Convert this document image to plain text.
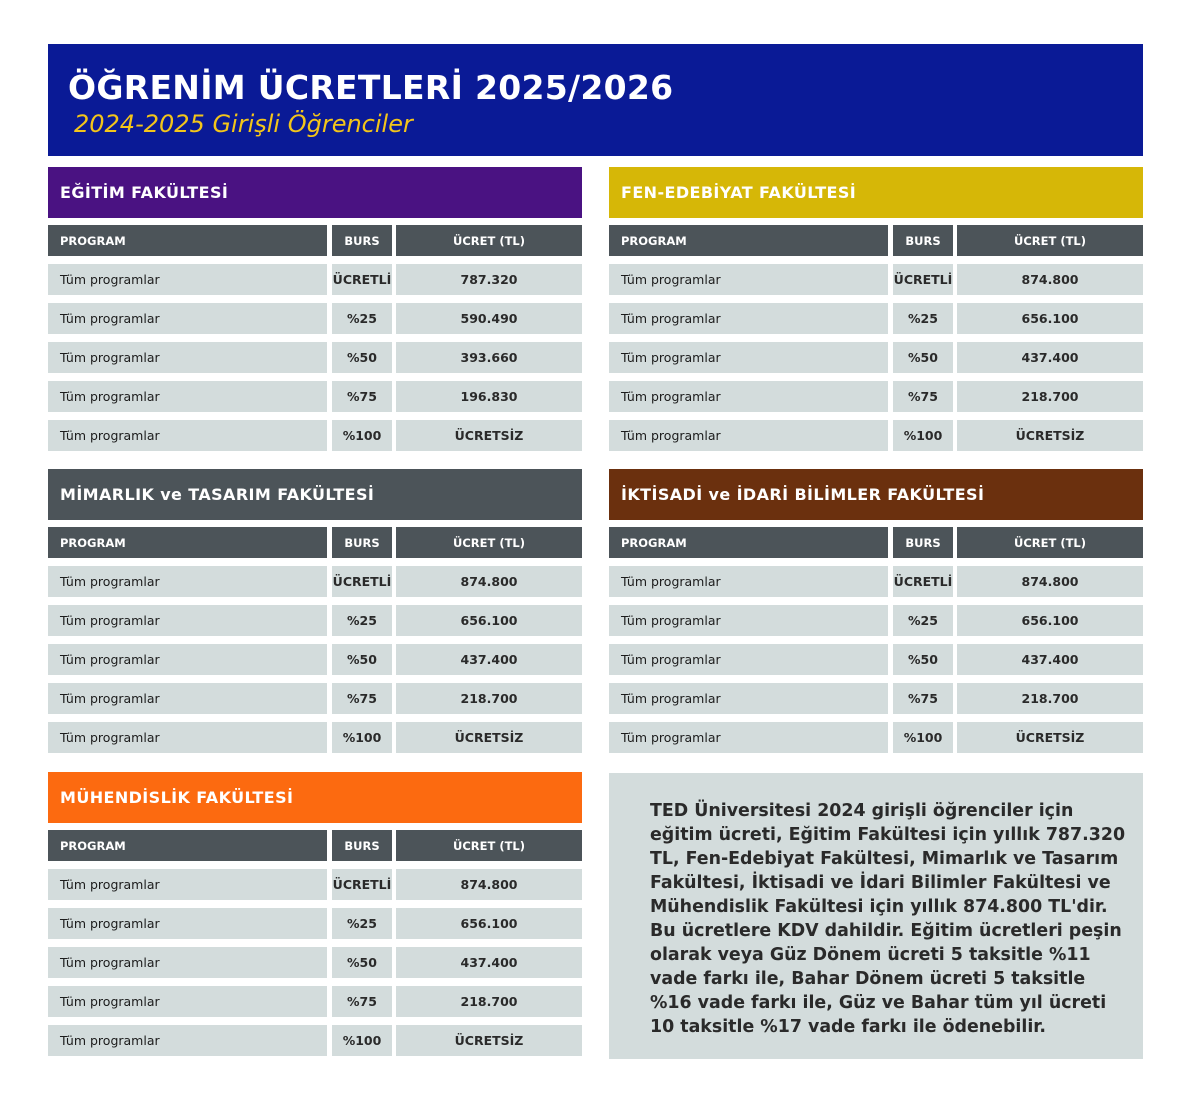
ÖĞRENİM ÜCRETLERİ 2025/2026
2024-2025 Girişli Öğrenciler
EĞİTİM FAKÜLTESİ
PROGRAM	BURS	ÜCRET (TL)
Tüm programlar	ÜCRETLİ	787.320
Tüm programlar	%25	590.490
Tüm programlar	%50	393.660
Tüm programlar	%75	196.830
Tüm programlar	%100	ÜCRETSİZ
FEN-EDEBİYAT FAKÜLTESİ
PROGRAM	BURS	ÜCRET (TL)
Tüm programlar	ÜCRETLİ	874.800
Tüm programlar	%25	656.100
Tüm programlar	%50	437.400
Tüm programlar	%75	218.700
Tüm programlar	%100	ÜCRETSİZ
MİMARLIK ve TASARIM FAKÜLTESİ
PROGRAM	BURS	ÜCRET (TL)
Tüm programlar	ÜCRETLİ	874.800
Tüm programlar	%25	656.100
Tüm programlar	%50	437.400
Tüm programlar	%75	218.700
Tüm programlar	%100	ÜCRETSİZ
İKTİSADİ ve İDARİ BİLİMLER FAKÜLTESİ
PROGRAM	BURS	ÜCRET (TL)
Tüm programlar	ÜCRETLİ	874.800
Tüm programlar	%25	656.100
Tüm programlar	%50	437.400
Tüm programlar	%75	218.700
Tüm programlar	%100	ÜCRETSİZ
MÜHENDİSLİK FAKÜLTESİ
PROGRAM	BURS	ÜCRET (TL)
Tüm programlar	ÜCRETLİ	874.800
Tüm programlar	%25	656.100
Tüm programlar	%50	437.400
Tüm programlar	%75	218.700
Tüm programlar	%100	ÜCRETSİZ
TED Üniversitesi 2024 girişli öğrenciler için eğitim ücreti, Eğitim Fakültesi için yıllık 787.320 TL, Fen-Edebiyat Fakültesi, Mimarlık ve Tasarım Fakültesi, İktisadi ve İdari Bilimler Fakültesi ve Mühendislik Fakültesi için yıllık 874.800 TL'dir. Bu ücretlere KDV dahildir. Eğitim ücretleri peşin olarak veya Güz Dönem ücreti 5 taksitle %11 vade farkı ile, Bahar Dönem ücreti 5 taksitle %16 vade farkı ile, Güz ve Bahar tüm yıl ücreti 10 taksitle %17 vade farkı ile ödenebilir.
